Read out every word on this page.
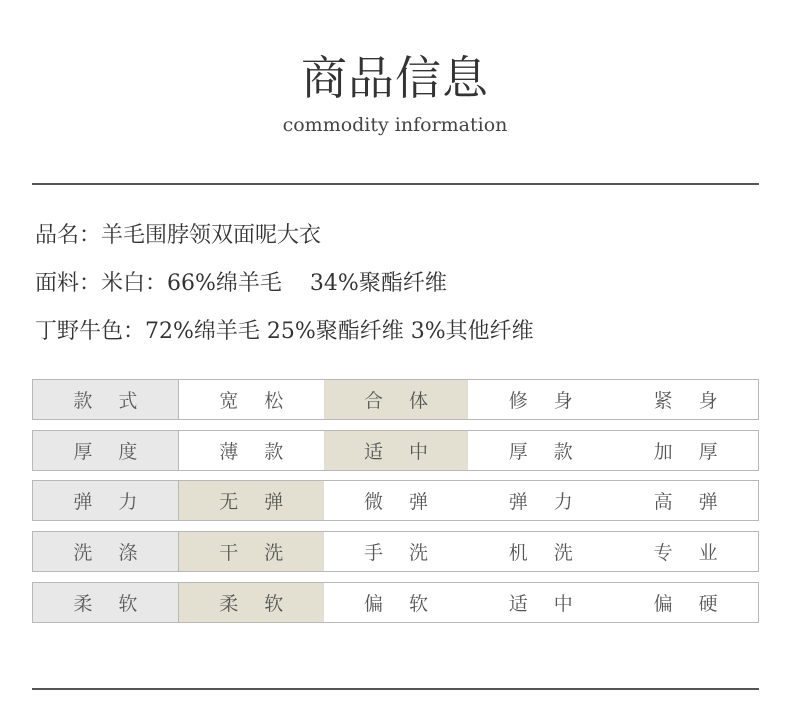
商品信息
commodity information
品名：羊毛围脖领双面呢大衣
面料：米白：66%绵羊毛 34%聚酯纤维
丁野牛色：72%绵羊毛 25%聚酯纤维 3%其他纤维
款式	宽松	合体	修身	紧身
厚度	薄款	适中	厚款	加厚
弹力	无弹	微弹	弹力	高弹
洗涤	干洗	手洗	机洗	专业
柔软	柔软	偏软	适中	偏硬
